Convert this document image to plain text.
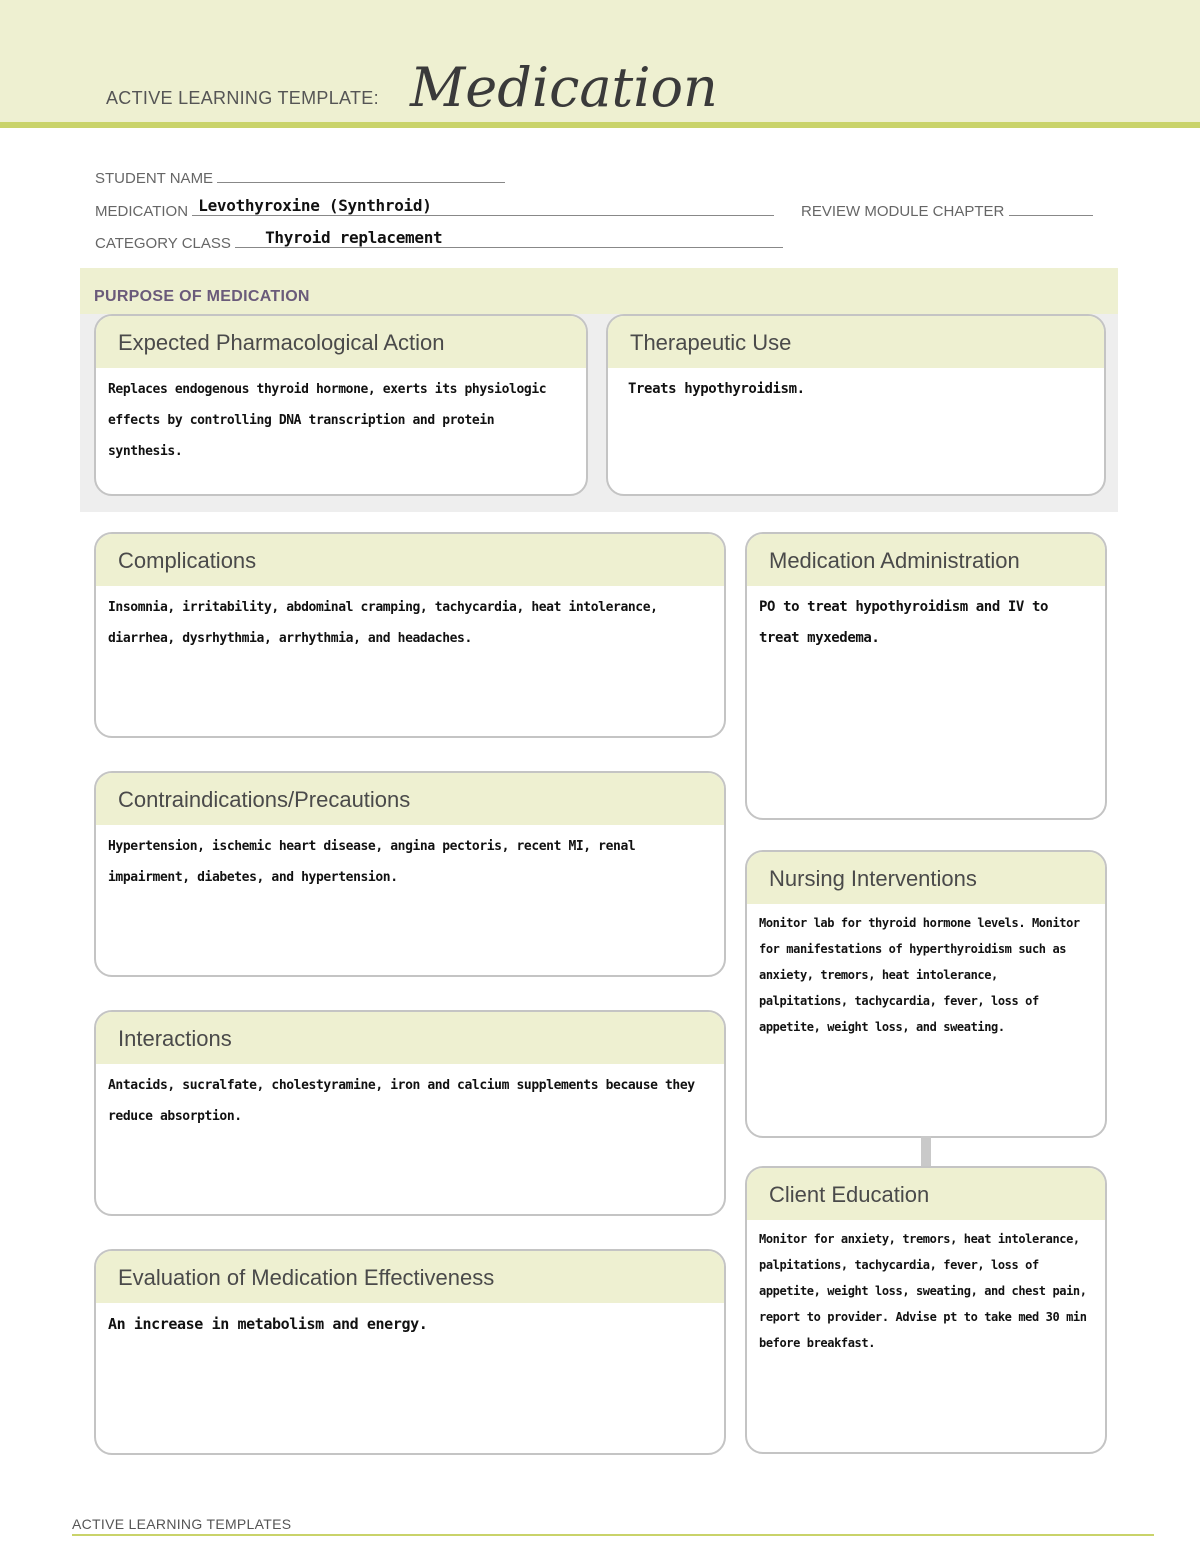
ACTIVE LEARNING TEMPLATE: Medication
STUDENT NAME
MEDICATION Levothyroxine (Synthroid)	REVIEW MODULE CHAPTER
CATEGORY CLASS Thyroid replacement
PURPOSE OF MEDICATION
Expected Pharmacological Action
Replaces endogenous thyroid hormone, exerts its physiologic effects by controlling DNA transcription and protein synthesis.
Therapeutic Use
Treats hypothyroidism.
Complications
Insomnia, irritability, abdominal cramping, tachycardia, heat intolerance, diarrhea, dysrhythmia, arrhythmia, and headaches.
Contraindications/Precautions
Hypertension, ischemic heart disease, angina pectoris, recent MI, renal impairment, diabetes, and hypertension.
Interactions
Antacids, sucralfate, cholestyramine, iron and calcium supplements because they reduce absorption.
Evaluation of Medication Effectiveness
An increase in metabolism and energy.
Medication Administration
PO to treat hypothyroidism and IV to treat myxedema.
Nursing Interventions
Monitor lab for thyroid hormone levels. Monitor for manifestations of hyperthyroidism such as anxiety, tremors, heat intolerance, palpitations, tachycardia, fever, loss of appetite, weight loss, and sweating.
Client Education
Monitor for anxiety, tremors, heat intolerance, palpitations, tachycardia, fever, loss of appetite, weight loss, sweating, and chest pain, report to provider. Advise pt to take med 30 min before breakfast.
ACTIVE LEARNING TEMPLATES
